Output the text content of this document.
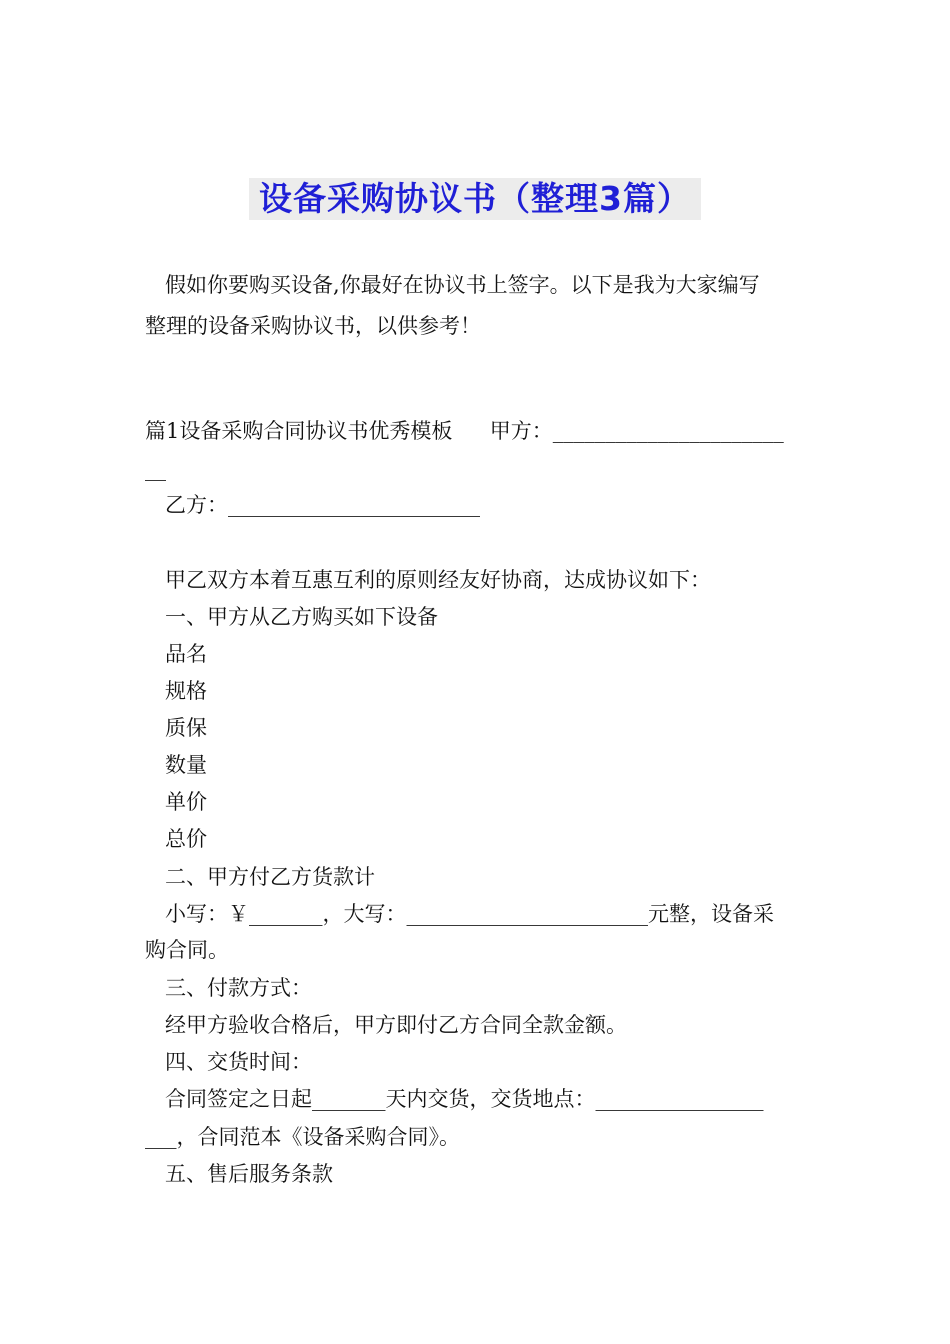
设备采购协议书（整理3篇）
假如你要购买设备,你最好在协议书上签字。以下是我为大家编写
整理的设备采购协议书，以供参考！
篇1设备采购合同协议书优秀模板 甲方：______________________
__
乙方：________________________
甲乙双方本着互惠互利的原则经友好协商，达成协议如下：
一、甲方从乙方购买如下设备
品名
规格
质保
数量
单价
总价
二、甲方付乙方货款计
小写：￥_______，大写：_______________________元整，设备采
购合同。
三、付款方式：
经甲方验收合格后，甲方即付乙方合同全款金额。
四、交货时间：
合同签定之日起_______天内交货，交货地点：________________
___，合同范本《设备采购合同》。
五、售后服务条款
